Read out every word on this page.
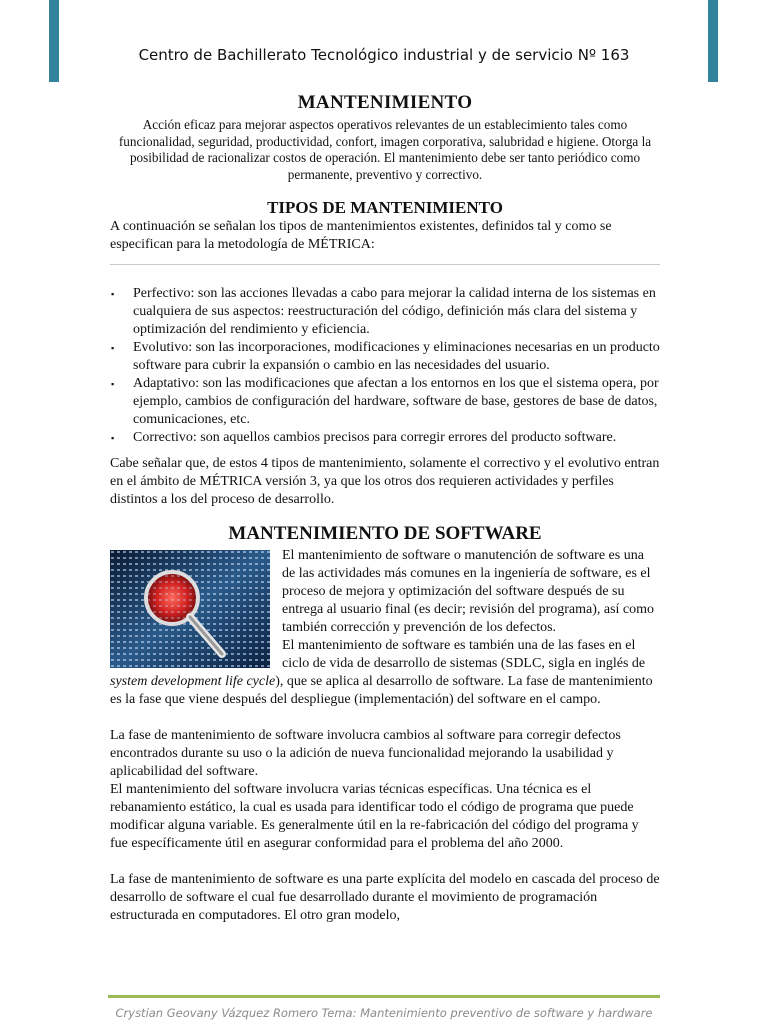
Centro de Bachillerato Tecnológico industrial y de servicio Nº 163
MANTENIMIENTO

Acción eficaz para mejorar aspectos operativos relevantes de un establecimiento tales como funcionalidad, seguridad, productividad, confort, imagen corporativa, salubridad e higiene. Otorga la posibilidad de racionalizar costos de operación. El mantenimiento debe ser tanto periódico como permanente, preventivo y correctivo.

TIPOS DE MANTENIMIENTO

A continuación se señalan los tipos de mantenimientos existentes, definidos tal y como se especifican para la metodología de MÉTRICA:

▪ Perfectivo: son las acciones llevadas a cabo para mejorar la calidad interna de los sistemas en cualquiera de sus aspectos: reestructuración del código, definición más clara del sistema y optimización del rendimiento y eficiencia.
▪ Evolutivo: son las incorporaciones, modificaciones y eliminaciones necesarias en un producto software para cubrir la expansión o cambio en las necesidades del usuario.
▪ Adaptativo: son las modificaciones que afectan a los entornos en los que el sistema opera, por ejemplo, cambios de configuración del hardware, software de base, gestores de base de datos, comunicaciones, etc.
▪ Correctivo: son aquellos cambios precisos para corregir errores del producto software.

Cabe señalar que, de estos 4 tipos de mantenimiento, solamente el correctivo y el evolutivo entran en el ámbito de MÉTRICA versión 3, ya que los otros dos requieren actividades y perfiles distintos a los del proceso de desarrollo.

MANTENIMIENTO DE SOFTWARE
El mantenimiento de software o manutención de software es una de las actividades más comunes en la ingeniería de software, es el proceso de mejora y optimización del software después de su entrega al usuario final (es decir; revisión del programa), así como también corrección y prevención de los defectos.
El mantenimiento de software es también una de las fases en el ciclo de vida de desarrollo de sistemas (SDLC, sigla en inglés de system development life cycle), que se aplica al desarrollo de software. La fase de mantenimiento es la fase que viene después del despliegue (implementación) del software en el campo.

La fase de mantenimiento de software involucra cambios al software para corregir defectos encontrados durante su uso o la adición de nueva funcionalidad mejorando la usabilidad y aplicabilidad del software.
El mantenimiento del software involucra varias técnicas específicas. Una técnica es el rebanamiento estático, la cual es usada para identificar todo el código de programa que puede modificar alguna variable. Es generalmente útil en la re-fabricación del código del programa y fue específicamente útil en asegurar conformidad para el problema del año 2000.

La fase de mantenimiento de software es una parte explícita del modelo en cascada del proceso de desarrollo de software el cual fue desarrollado durante el movimiento de programación estructurada en computadores. El otro gran modelo,

Crystian Geovany Vázquez Romero Tema: Mantenimiento preventivo de software y hardware
